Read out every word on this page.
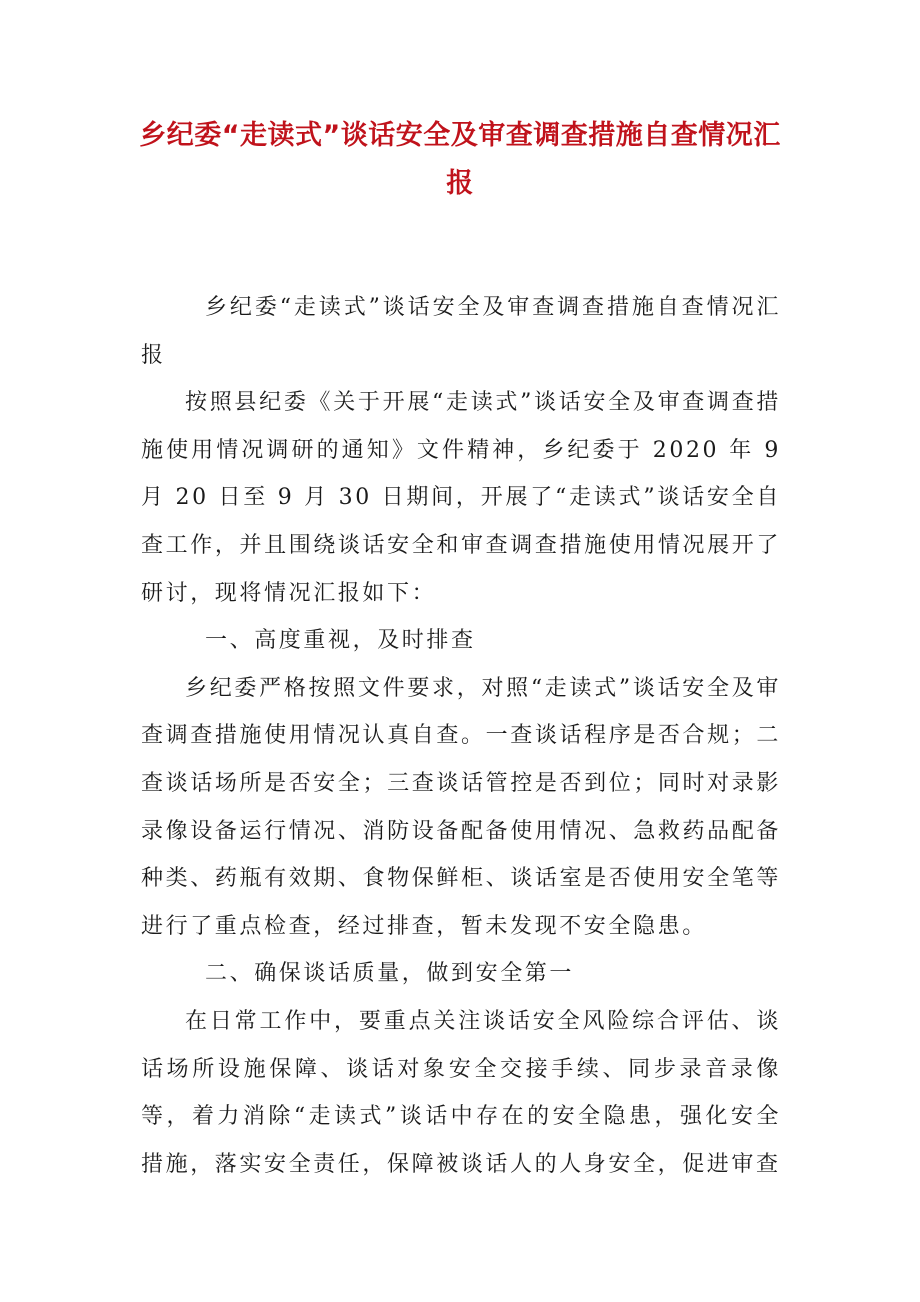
乡纪委“走读式”谈话安全及审查调查措施自查情况汇报

乡纪委“走读式”谈话安全及审查调查措施自查情况汇报

按照县纪委《关于开展“走读式”谈话安全及审查调查措施使用情况调研的通知》文件精神，乡纪委于 2020 年 9 月 20 日至 9 月 30 日期间，开展了“走读式”谈话安全自查工作，并且围绕谈话安全和审查调查措施使用情况展开了研讨，现将情况汇报如下：

一、高度重视，及时排查

乡纪委严格按照文件要求，对照“走读式”谈话安全及审查调查措施使用情况认真自查。一查谈话程序是否合规；二查谈话场所是否安全；三查谈话管控是否到位；同时对录影录像设备运行情况、消防设备配备使用情况、急救药品配备种类、药瓶有效期、食物保鲜柜、谈话室是否使用安全笔等进行了重点检查，经过排查，暂未发现不安全隐患。

二、确保谈话质量，做到安全第一

在日常工作中，要重点关注谈话安全风险综合评估、谈话场所设施保障、谈话对象安全交接手续、同步录音录像等，着力消除“走读式”谈话中存在的安全隐患，强化安全措施，落实安全责任，保障被谈话人的人身安全，促进审查
